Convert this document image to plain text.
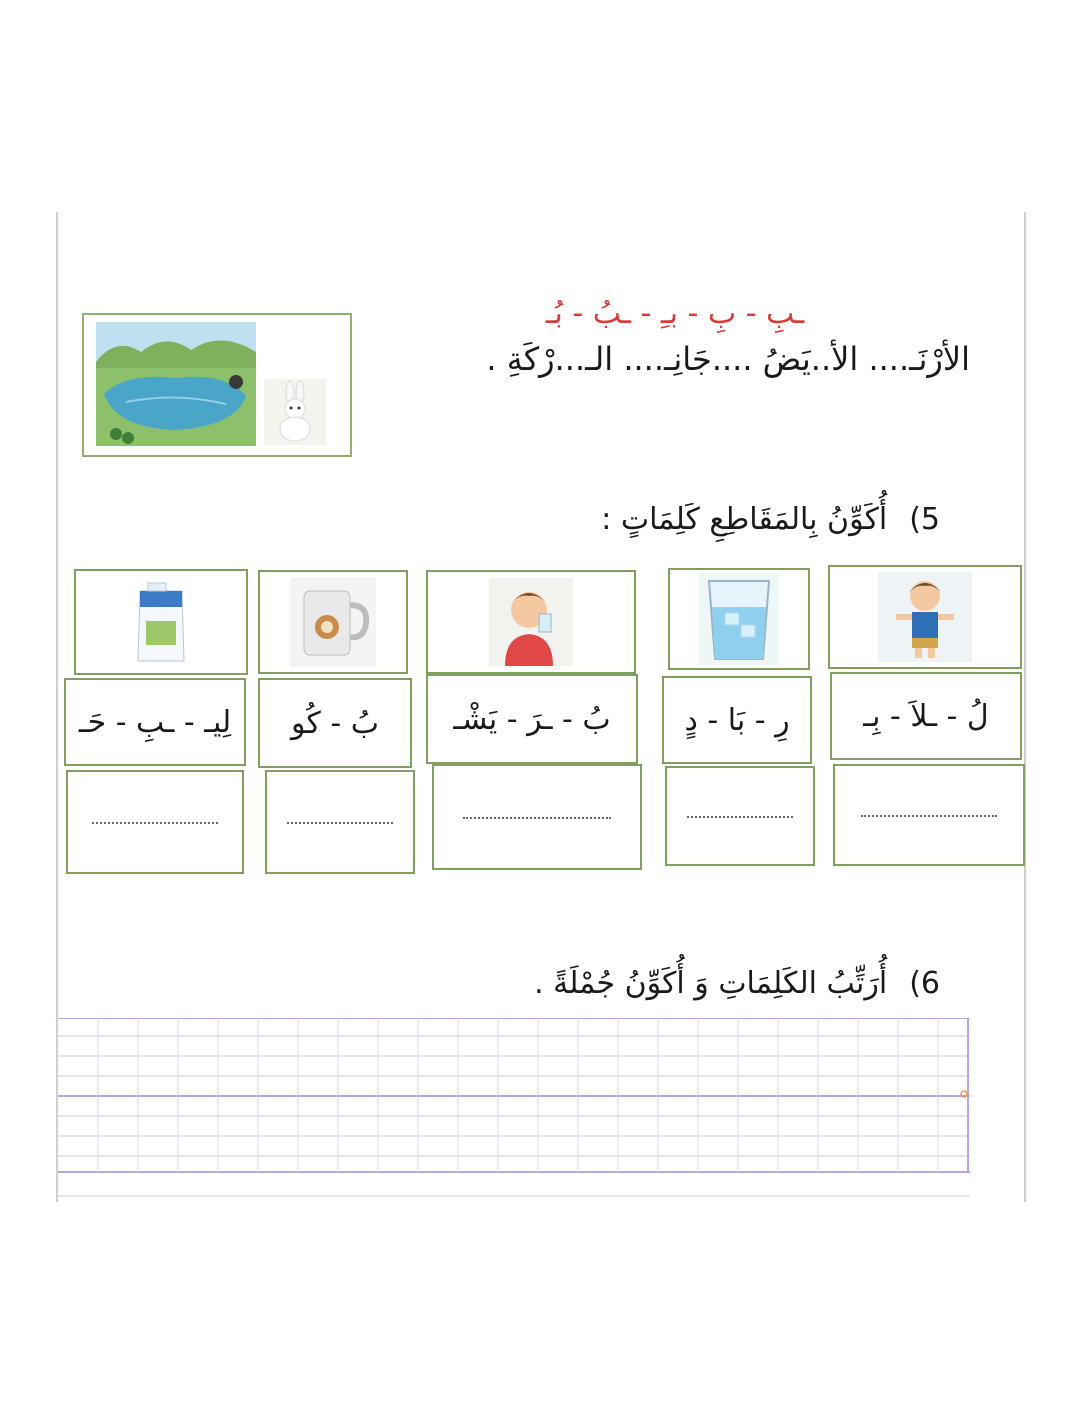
ـبِ - بِ - بـِ - ـبُ - بُـ
الأرْنَـ.... الأ..يَضُ ....جَانِـ.... الـ...رْكَةِ .
5)أُكَوِّنُ بِالمَقَاطِعِ كَلِمَاتٍ :
لُ - ـلاَ - بِـ
رِ - بَا - دٍ
بُ - ـرَ - يَشْـ
بُ - كُو
لِيـ - ـبِ - حَـ
6)أُرَتِّبُ الكَلِمَاتِ وَ أُكَوِّنُ جُمْلَةً .
